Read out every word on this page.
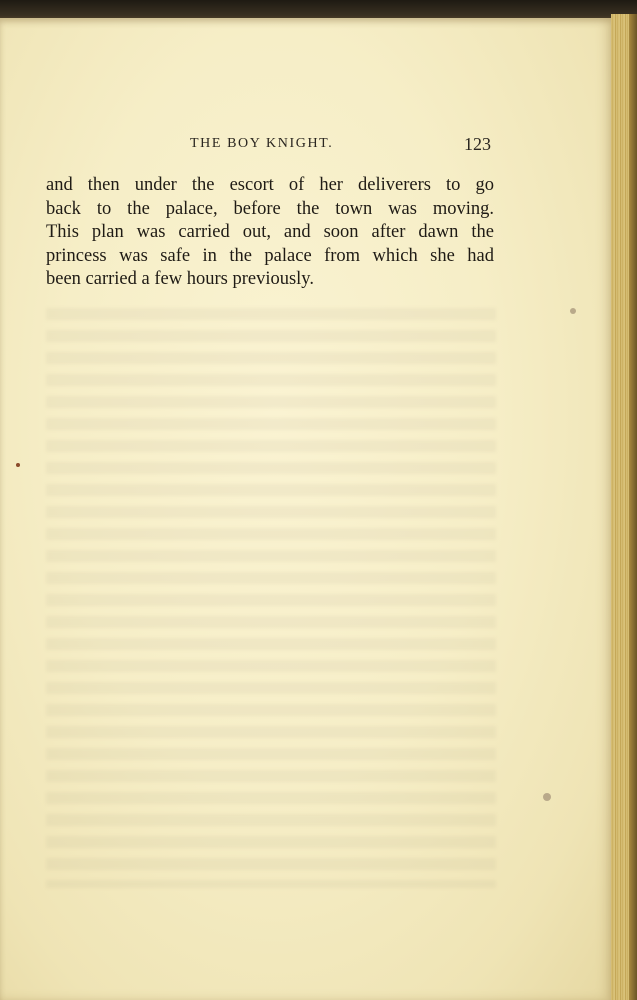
THE BOY KNIGHT.	123
and then under the escort of her deliverers to go
back to the palace, before the town was moving.
This plan was carried out, and soon after dawn the
princess was safe in the palace from which she had
been carried a few hours previously.
